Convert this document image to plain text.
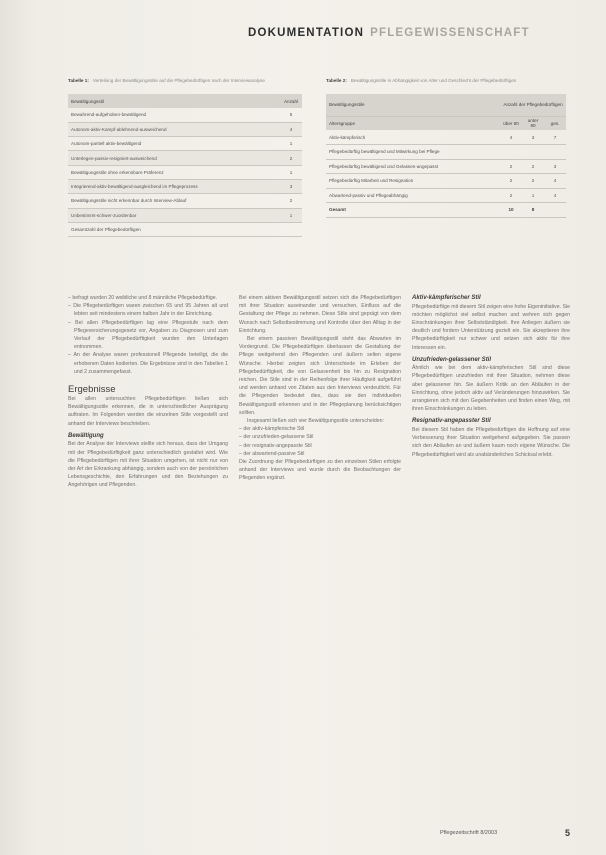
DOKUMENTATION PFLEGEWISSENSCHAFT
Tabelle 1: Verteilung der Bewältigungsstile auf die Pflegebedürftigen nach der Interviewanalyse
Bewältigungsstil	Anzahl
Bewahrend-aufgehoben-bewältigend	5
Autonom-aktiv-Kampf-ablehnend-ausweichend	4
Autonom-partiell aktiv-bewältigend	1
Unterlegen-passiv-resigniert-ausweichend	2
Bewältigungsstile ohne erkennbare Präferenz	1
Integrierend-aktiv-bewältigend-ausgleichend im Pflegeprozess	3
Bewältigungsstile nicht erkennbar durch Interview-Ablauf	2
Unbestimmt-schwer-zuordenbar	1
Gesamtzahl der Pflegebedürftigen	
Tabelle 2: Bewältigungsstile in Abhängigkeit von Alter und Geschlecht der Pflegebedürftigen
Bewältigungsstile		Anzahl der Pflegebedürftigen		
Altersgruppe		über 80	unter 80	ges.
Aktiv-kämpferisch		4	3	7
Pflegebedürftig bewältigend und Mitwirkung bei Pflege				
Pflegebedürftig bewältigend und Gelassen-angepasst		2	2	3
Pflegebedürftig Mitarbeit und Resignation		2	2	4
Abwartend-passiv und Pflegeabhängig		2	1	4
Gesamt		10	8	

– befragt wurden 20 weibliche und 8 männliche Pflegebedürftige.

– Die Pflegebedürftigen waren zwischen 65 und 95 Jahren alt und lebten seit mindestens einem halben Jahr in der Einrichtung.

– Bei allen Pflegebedürftigen lag eine Pflegestufe nach dem Pflegeversicherungsgesetz vor, Angaben zu Diagnosen und zum Verlauf der Pflegebedürftigkeit wurden den Unterlagen entnommen.

– An der Analyse waren professionell Pflegende beteiligt, die die erhobenen Daten kodierten. Die Ergebnisse sind in den Tabellen 1 und 2 zusammengefasst.

Ergebnisse

Bei allen untersuchten Pflegebedürftigen ließen sich Bewältigungsstile erkennen, die in unterschiedlicher Ausprägung auftraten. Im Folgenden werden die einzelnen Stile vorgestellt und anhand der Interviews beschrieben.

Bewältigung

Bei der Analyse der Interviews stellte sich heraus, dass der Umgang mit der Pflegebedürftigkeit ganz unterschiedlich gestaltet wird. Wie die Pflegebedürftigen mit ihrer Situation umgehen, ist nicht nur von der Art der Erkrankung abhängig, sondern auch von der persönlichen Lebensgeschichte, den Erfahrungen und den Beziehungen zu Angehörigen und Pflegenden.

Bei einem aktiven Bewältigungsstil setzen sich die Pflegebedürftigen mit ihrer Situation auseinander und versuchen, Einfluss auf die Gestaltung der Pflege zu nehmen. Diese Stile sind geprägt von dem Wunsch nach Selbstbestimmung und Kontrolle über den Alltag in der Einrichtung.

Bei einem passiven Bewältigungsstil steht das Abwarten im Vordergrund. Die Pflegebedürftigen überlassen die Gestaltung der Pflege weitgehend den Pflegenden und äußern selten eigene Wünsche. Hierbei zeigten sich Unterschiede im Erleben der Pflegebedürftigkeit, die von Gelassenheit bis hin zu Resignation reichen. Die Stile sind in der Reihenfolge ihrer Häufigkeit aufgeführt und werden anhand von Zitaten aus den Interviews verdeutlicht. Für die Pflegenden bedeutet dies, dass sie den individuellen Bewältigungsstil erkennen und in der Pflegeplanung berücksichtigen sollten.

Insgesamt ließen sich vier Bewältigungsstile unterscheiden:

– der aktiv-kämpferische Stil

– der unzufrieden-gelassene Stil

– der resignativ-angepasste Stil

– der abwartend-passive Stil

Die Zuordnung der Pflegebedürftigen zu den einzelnen Stilen erfolgte anhand der Interviews und wurde durch die Beobachtungen der Pflegenden ergänzt.

Aktiv-kämpferischer Stil

Pflegebedürftige mit diesem Stil zeigen eine hohe Eigeninitiative. Sie möchten möglichst viel selbst machen und wehren sich gegen Einschränkungen ihrer Selbstständigkeit. Ihre Anliegen äußern sie deutlich und fordern Unterstützung gezielt ein. Sie akzeptieren ihre Pflegebedürftigkeit nur schwer und setzen sich aktiv für ihre Interessen ein.

Unzufrieden-gelassener Stil

Ähnlich wie bei dem aktiv-kämpferischen Stil sind diese Pflegebedürftigen unzufrieden mit ihrer Situation, nehmen diese aber gelassener hin. Sie äußern Kritik an den Abläufen in der Einrichtung, ohne jedoch aktiv auf Veränderungen hinzuwirken. Sie arrangieren sich mit den Gegebenheiten und finden einen Weg, mit ihren Einschränkungen zu leben.

Resignativ-angepasster Stil

Bei diesem Stil haben die Pflegebedürftigen die Hoffnung auf eine Verbesserung ihrer Situation weitgehend aufgegeben. Sie passen sich den Abläufen an und äußern kaum noch eigene Wünsche. Die Pflegebedürftigkeit wird als unabänderliches Schicksal erlebt.

Pflegezeitschrift 8/2003	5
